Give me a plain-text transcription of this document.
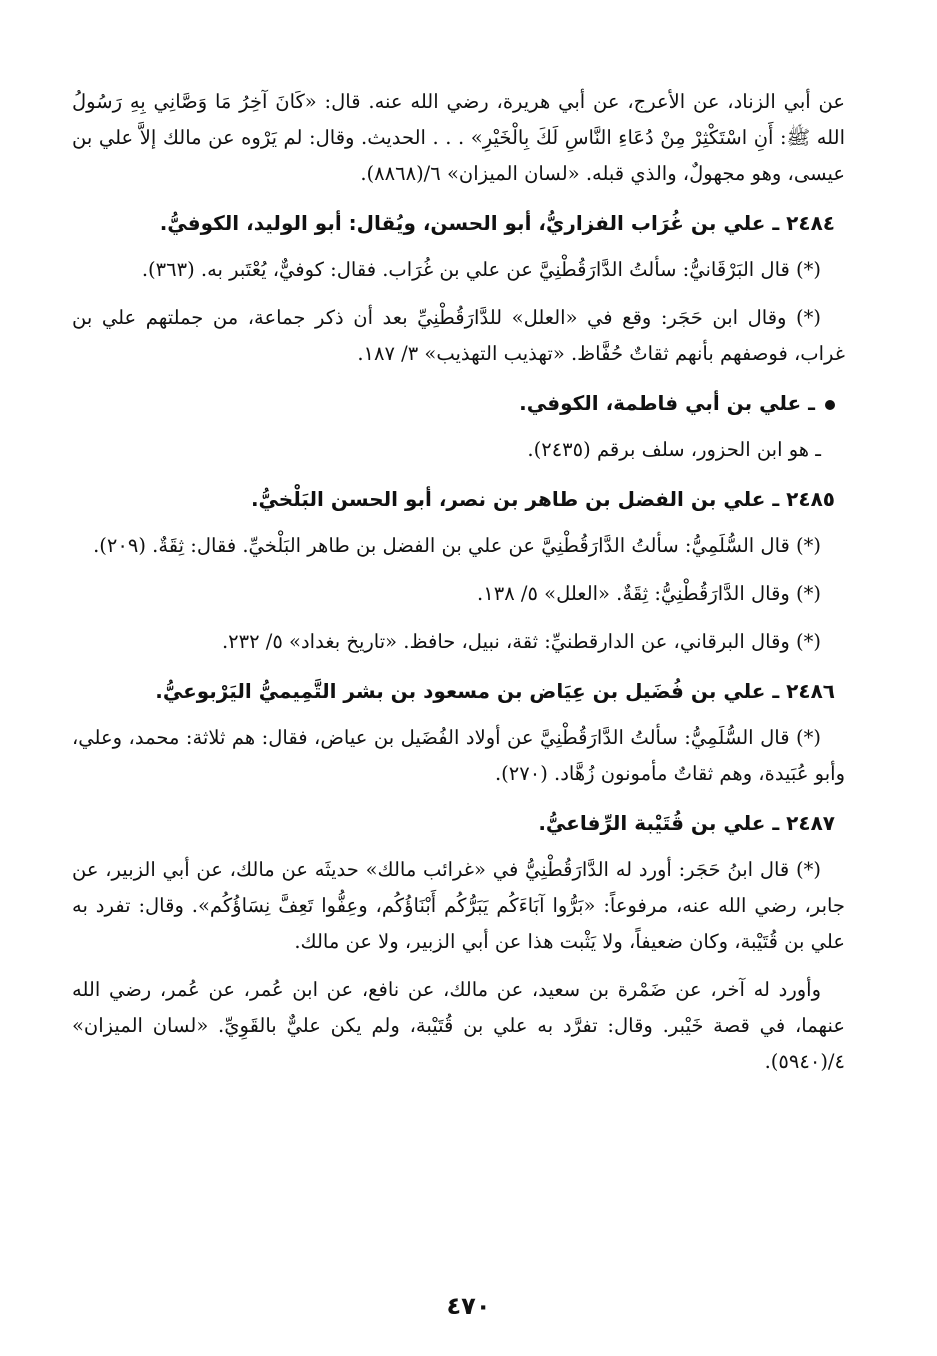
عن أبي الزناد، عن الأعرج، عن أبي هريرة، رضي الله عنه. قال: «كَانَ آخِرُ مَا وَصَّانِي بِهِ رَسُولُ الله ﷺ: أَنِ اسْتَكْثِرْ مِنْ دُعَاءِ النَّاسِ لَكَ بِالْخَيْرِ» . . . الحديث. وقال: لم يَرْوه عن مالك إلاَّ علي بن عيسى، وهو مجهولٌ، والذي قبله. «لسان الميزان» ٦/(٨٨٦٨).

٢٤٨٤ ـ علي بن غُرَاب الفزاريُّ، أبو الحسن، ويُقال: أبو الوليد، الكوفيُّ.

(*) قال البَرْقَانيُّ: سألتُ الدَّارَقُطْنِيَّ عن علي بن غُرَاب. فقال: كوفيٌّ، يُعْتَبر به. (٣٦٣).

(*) وقال ابن حَجَر: وقع في «العلل» للدَّارَقُطْنِيِّ بعد أن ذكر جماعة، من جملتهم علي بن غراب، فوصفهم بأنهم ثقاتٌ حُفَّاظ. «تهذيب التهذيب» ٣/ ١٨٧.

ـ علي بن أبي فاطمة، الكوفي.

ـ هو ابن الحزور، سلف برقم (٢٤٣٥).

٢٤٨٥ ـ علي بن الفضل بن طاهر بن نصر، أبو الحسن البَلْخيُّ.

(*) قال السُّلَمِيُّ: سألتُ الدَّارَقُطْنِيَّ عن علي بن الفضل بن طاهر البَلْخيِّ. فقال: ثِقَةٌ. (٢٠٩).

(*) وقال الدَّارَقُطْنِيُّ: ثِقَةٌ. «العلل» ٥/ ١٣٨.

(*) وقال البرقاني، عن الدارقطنيِّ: ثقة، نبيل، حافظ. «تاريخ بغداد» ٥/ ٢٣٢.

٢٤٨٦ ـ علي بن فُضَيل بن عِيَاض بن مسعود بن بشر التَّمِيميُّ اليَرْبوعيُّ.

(*) قال السُّلَمِيُّ: سألتُ الدَّارَقُطْنِيَّ عن أولاد الفُضَيل بن عياض، فقال: هم ثلاثة: محمد، وعلي، وأبو عُبَيدة، وهم ثقاتٌ مأمونون زُهَّاد. (٢٧٠).

٢٤٨٧ ـ علي بن قُتَيْبة الرِّفاعيُّ.

(*) قال ابنُ حَجَر: أورد له الدَّارَقُطْنِيُّ في «غرائب مالك» حديثَه عن مالك، عن أبي الزبير، عن جابر، رضي الله عنه، مرفوعاً: «بَرُّوا آبَاءَكُم يَبَرُّكُم أَبْنَاؤُكُم، وعِفُّوا تَعِفَّ نِسَاؤُكُم». وقال: تفرد به علي بن قُتَيْبة، وكان ضعيفاً، ولا يَثْبت هذا عن أبي الزبير، ولا عن مالك.

وأورد له آخر، عن ضَمْرة بن سعيد، عن مالك، عن نافع، عن ابن عُمر، عن عُمر، رضي الله عنهما، في قصة خَيْبر. وقال: تفرَّد به علي بن قُتَيْبة، ولم يكن عليٌّ بالقَوِيِّ. «لسان الميزان» ٤/(٥٩٤٠).

٤٧٠
